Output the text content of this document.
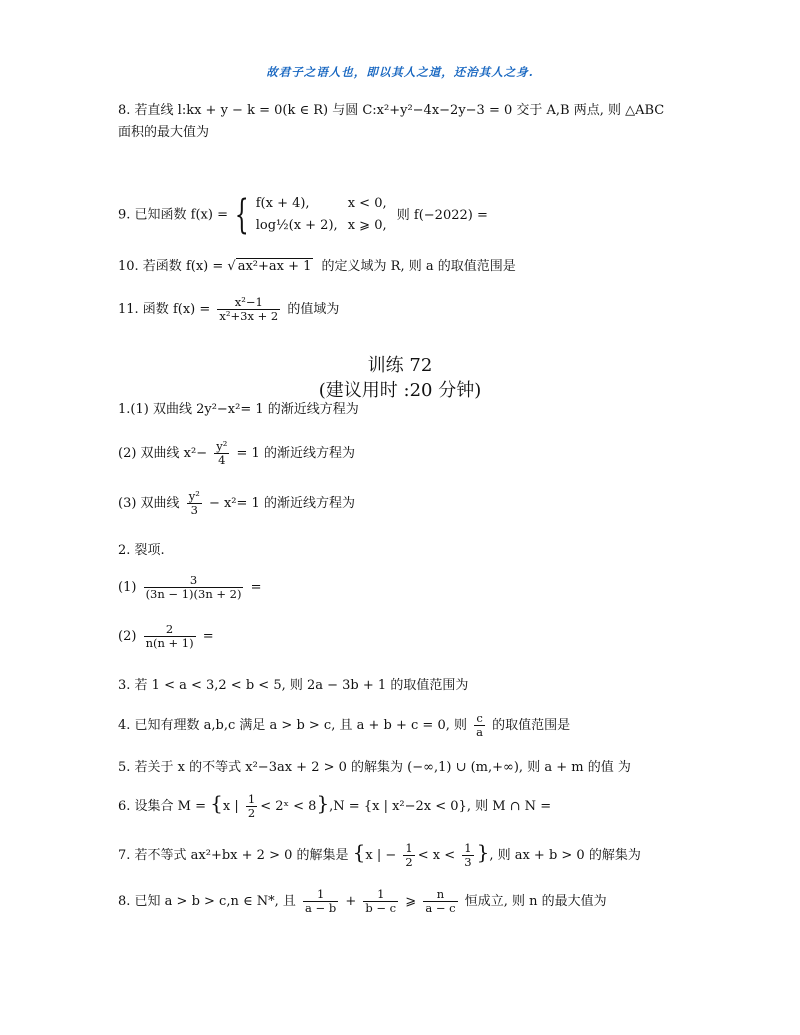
故君子之语人也，即以其人之道，还治其人之身.
8. 若直线 l:kx + y − k = 0(k ∈ R) 与圆 C:x²+y²−4x−2y−3 = 0 交于 A,B 两点, 则 △ABC
面积的最大值为
9. 已知函数 f(x) = { f(x + 4),	x < 0,
log½(x + 2), x ⩾ 0,
则 f(−2022) =
10. 若函数 f(x) = √ ax²+ax + 1 的定义域为 R, 则 a 的取值范围是
11. 函数 $f(x) = \frac{\text{x²−1}}{\text{x²+3x + 2}}$ 的值域为
训练 72
(建议用时 :20 分钟)
1.(1) 双曲线 2y²−x²= 1 的渐近线方程为
(2) 双曲线 $x^2- \frac{\text{y²}}{4} = 1$ 的渐近线方程为
(3) 双曲线 $\frac{\text{y²}}{3} - x^2= 1$ 的渐近线方程为
2. 裂项.
$(1) \frac{3}{(3n - 1)(3n + 2)}$ =
$(2) \frac{2}{n(n + 1)}$ =
3. 若 1 < a < 3,2 < b < 5, 则 2a − 3b + 1 的取值范围为
4. 已知有理数 a,b,c 满足 a > b > c, 且 a + b + c = 0, 则 $\frac{c}{a}$ 的取值范围是
5. 若关于 x 的不等式 x²−3ax + 2 > 0 的解集为 (−∞,1) ∪ (m,+∞), 则 a + m 的值 为
6. 设集合 M = {x | $\frac{1}{2}$ < 2ˣ < 8},N = {x | x²−2x < 0}, 则 M ∩ N =
7. 若不等式 ax²+bx + 2 > 0 的解集是 {x | − $\frac{1}{2} < x < \frac{1}{3}$ }, 则 ax + b > 0 的解集为
8. 已知 a > b > c,n ∈ N*, 且 $\frac{1}{a - b} + \frac{1}{b - c}$ ⩾ $\frac{n}{a - c}$ 恒成立, 则 n 的最大值为
